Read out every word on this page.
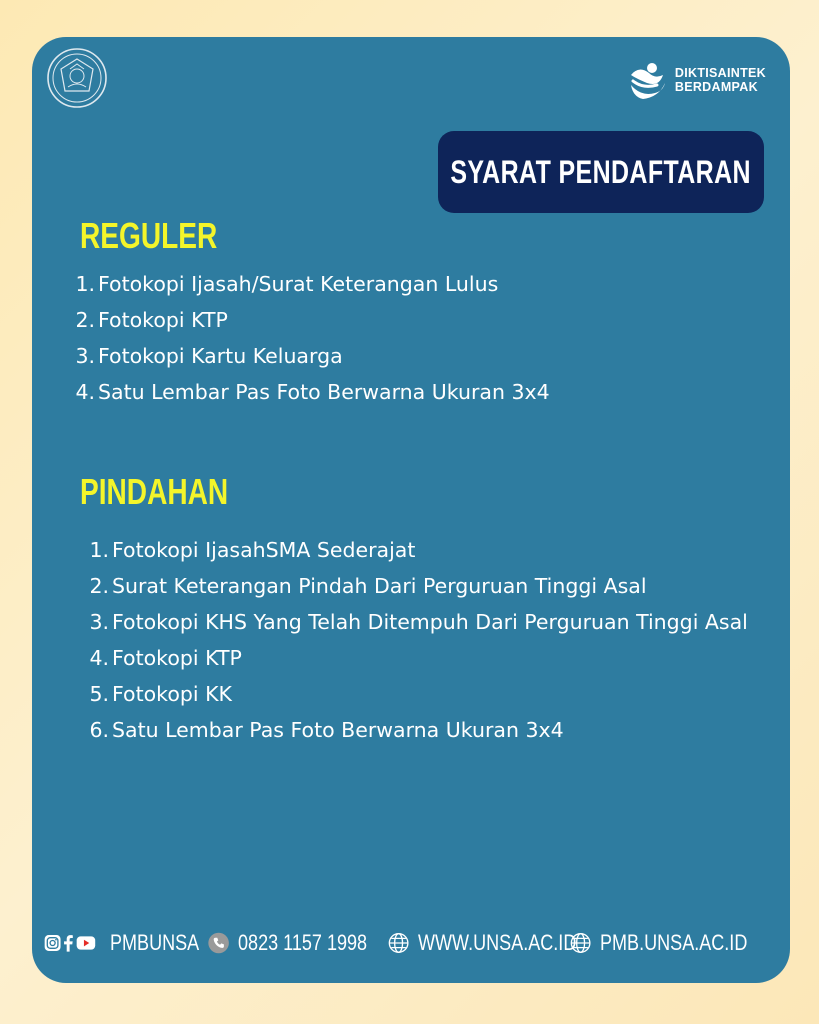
DIKTISAINTEK
BERDAMPAK
SYARAT PENDAFTARAN
REGULER
1. Fotokopi Ijasah/Surat Keterangan Lulus
2. Fotokopi KTP
3. Fotokopi Kartu Keluarga
4. Satu Lembar Pas Foto Berwarna Ukuran 3x4
PINDAHAN
1. Fotokopi IjasahSMA Sederajat
2. Surat Keterangan Pindah Dari Perguruan Tinggi Asal
3. Fotokopi KHS Yang Telah Ditempuh Dari Perguruan Tinggi Asal
4. Fotokopi KTP
5. Fotokopi KK
6. Satu Lembar Pas Foto Berwarna Ukuran 3x4
PMBUNSA 0823 1157 1998 WWW.UNSA.AC.ID PMB.UNSA.AC.ID
